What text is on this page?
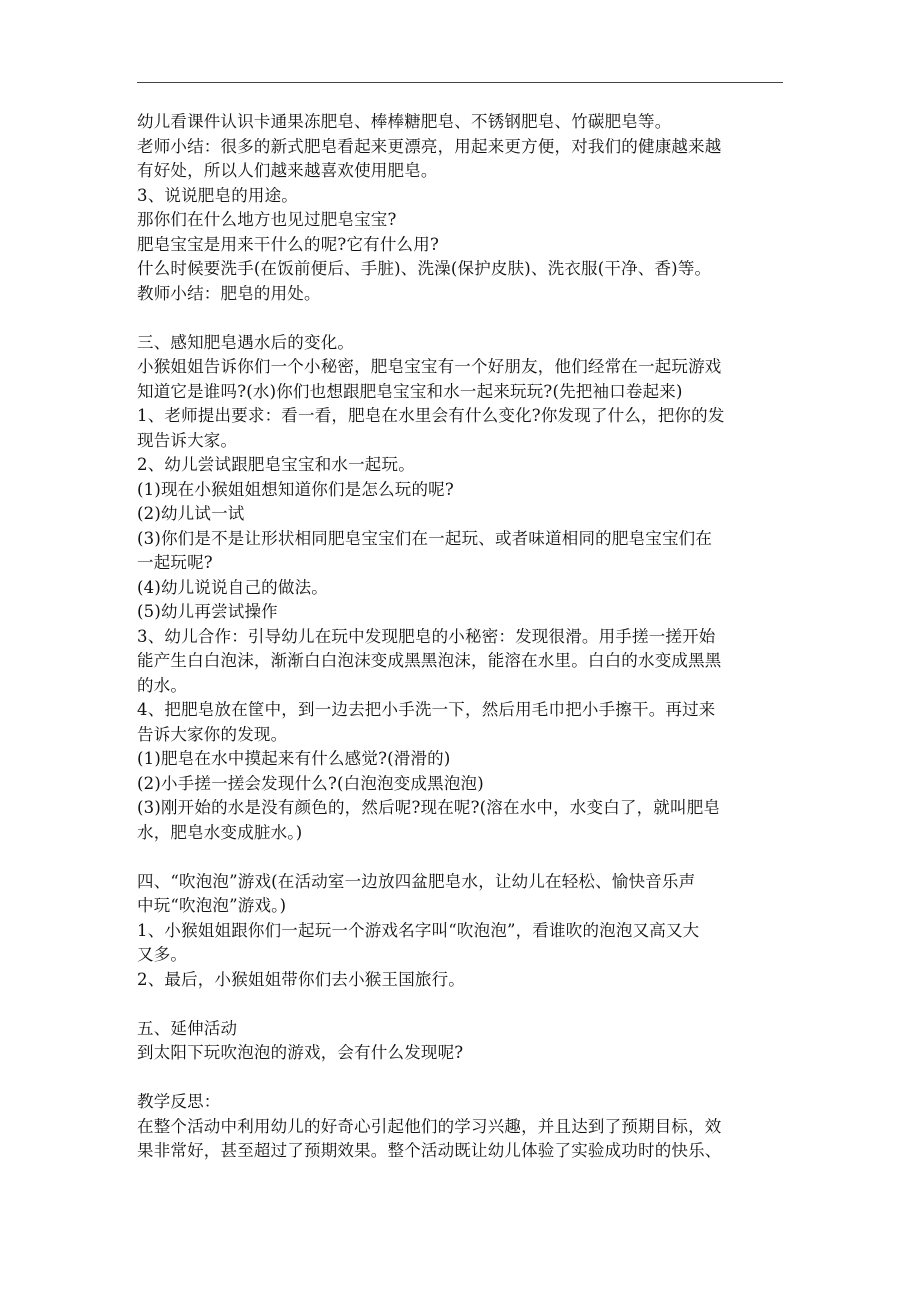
幼儿看课件认识卡通果冻肥皂、棒棒糖肥皂、不锈钢肥皂、竹碳肥皂等。
老师小结：很多的新式肥皂看起来更漂亮，用起来更方便，对我们的健康越来越
有好处，所以人们越来越喜欢使用肥皂。
3、说说肥皂的用途。
那你们在什么地方也见过肥皂宝宝?
肥皂宝宝是用来干什么的呢?它有什么用?
什么时候要洗手(在饭前便后、手脏)、洗澡(保护皮肤)、洗衣服(干净、香)等。
教师小结：肥皂的用处。
三、感知肥皂遇水后的变化。
小猴姐姐告诉你们一个小秘密，肥皂宝宝有一个好朋友，他们经常在一起玩游戏
知道它是谁吗?(水)你们也想跟肥皂宝宝和水一起来玩玩?(先把袖口卷起来)
1、老师提出要求：看一看，肥皂在水里会有什么变化?你发现了什么，把你的发
现告诉大家。
2、幼儿尝试跟肥皂宝宝和水一起玩。
(1)现在小猴姐姐想知道你们是怎么玩的呢?
(2)幼儿试一试
(3)你们是不是让形状相同肥皂宝宝们在一起玩、或者味道相同的肥皂宝宝们在
一起玩呢?
(4)幼儿说说自己的做法。
(5)幼儿再尝试操作
3、幼儿合作：引导幼儿在玩中发现肥皂的小秘密：发现很滑。用手搓一搓开始
能产生白白泡沫，渐渐白白泡沫变成黑黑泡沫，能溶在水里。白白的水变成黑黑
的水。
4、把肥皂放在筐中，到一边去把小手洗一下，然后用毛巾把小手擦干。再过来
告诉大家你的发现。
(1)肥皂在水中摸起来有什么感觉?(滑滑的)
(2)小手搓一搓会发现什么?(白泡泡变成黑泡泡)
(3)刚开始的水是没有颜色的，然后呢?现在呢?(溶在水中，水变白了，就叫肥皂
水，肥皂水变成脏水。)
四、“吹泡泡”游戏(在活动室一边放四盆肥皂水，让幼儿在轻松、愉快音乐声
中玩“吹泡泡”游戏。)
1、小猴姐姐跟你们一起玩一个游戏名字叫“吹泡泡”，看谁吹的泡泡又高又大
又多。
2、最后，小猴姐姐带你们去小猴王国旅行。
五、延伸活动
到太阳下玩吹泡泡的游戏，会有什么发现呢?
教学反思：
在整个活动中利用幼儿的好奇心引起他们的学习兴趣，并且达到了预期目标，效
果非常好，甚至超过了预期效果。整个活动既让幼儿体验了实验成功时的快乐、
